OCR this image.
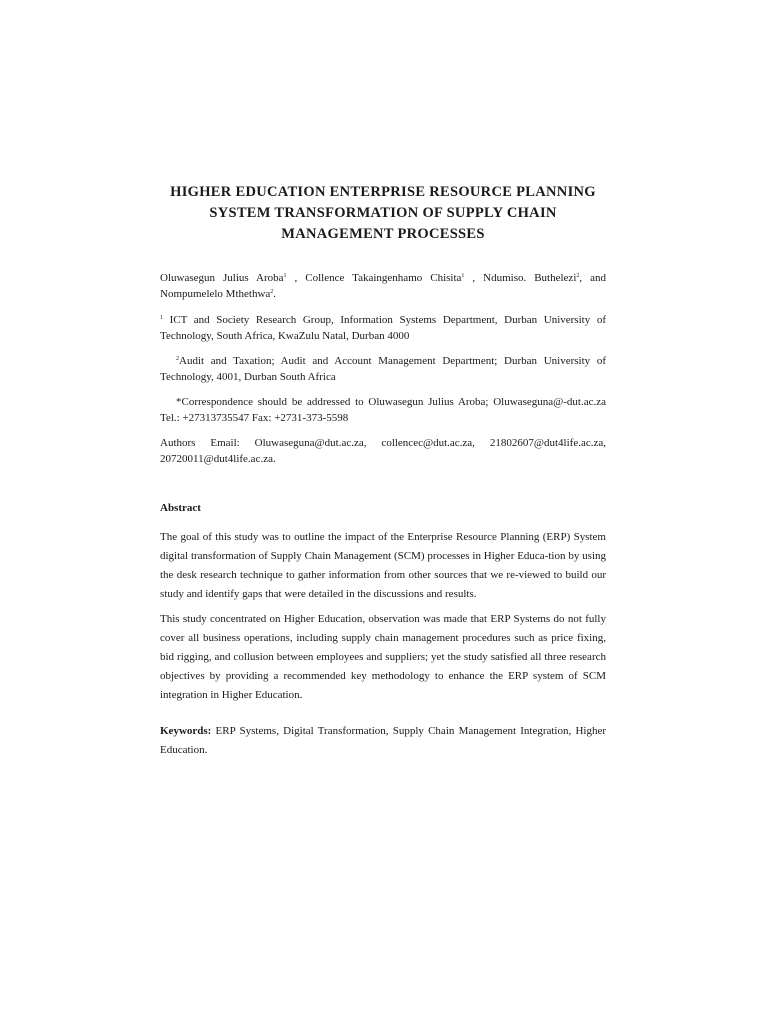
HIGHER EDUCATION ENTERPRISE RESOURCE PLANNING
SYSTEM TRANSFORMATION OF SUPPLY CHAIN
MANAGEMENT PROCESSES

Oluwasegun Julius Aroba$^1$ , Collence Takaingenhamo Chisita$^1$ , Ndumiso. Buthelezi$^2$, and Nompumelelo Mthethwa$^2$.

$^1$ ICT and Society Research Group, Information Systems Department, Durban University of Technology, South Africa, KwaZulu Natal, Durban 4000

$^2$Audit and Taxation; Audit and Account Management Department; Durban University of Technology, 4001, Durban South Africa

*Correspondence should be addressed to Oluwasegun Julius Aroba; Oluwaseguna@-dut.ac.za Tel.: +27313735547 Fax: +2731-373-5598

Authors Email: Oluwaseguna@dut.ac.za, collencec@dut.ac.za, 21802607@dut4life.ac.za, 20720011@dut4life.ac.za.

Abstract

The goal of this study was to outline the impact of the Enterprise Resource Planning (ERP) System digital transformation of Supply Chain Management (SCM) processes in Higher Educa-tion by using the desk research technique to gather information from other sources that we re-viewed to build our study and identify gaps that were detailed in the discussions and results.

This study concentrated on Higher Education, observation was made that ERP Systems do not fully cover all business operations, including supply chain management procedures such as price fixing, bid rigging, and collusion between employees and suppliers; yet the study satisfied all three research objectives by providing a recommended key methodology to enhance the ERP system of SCM integration in Higher Education.

Keywords: ERP Systems, Digital Transformation, Supply Chain Management Integration, Higher Education.
